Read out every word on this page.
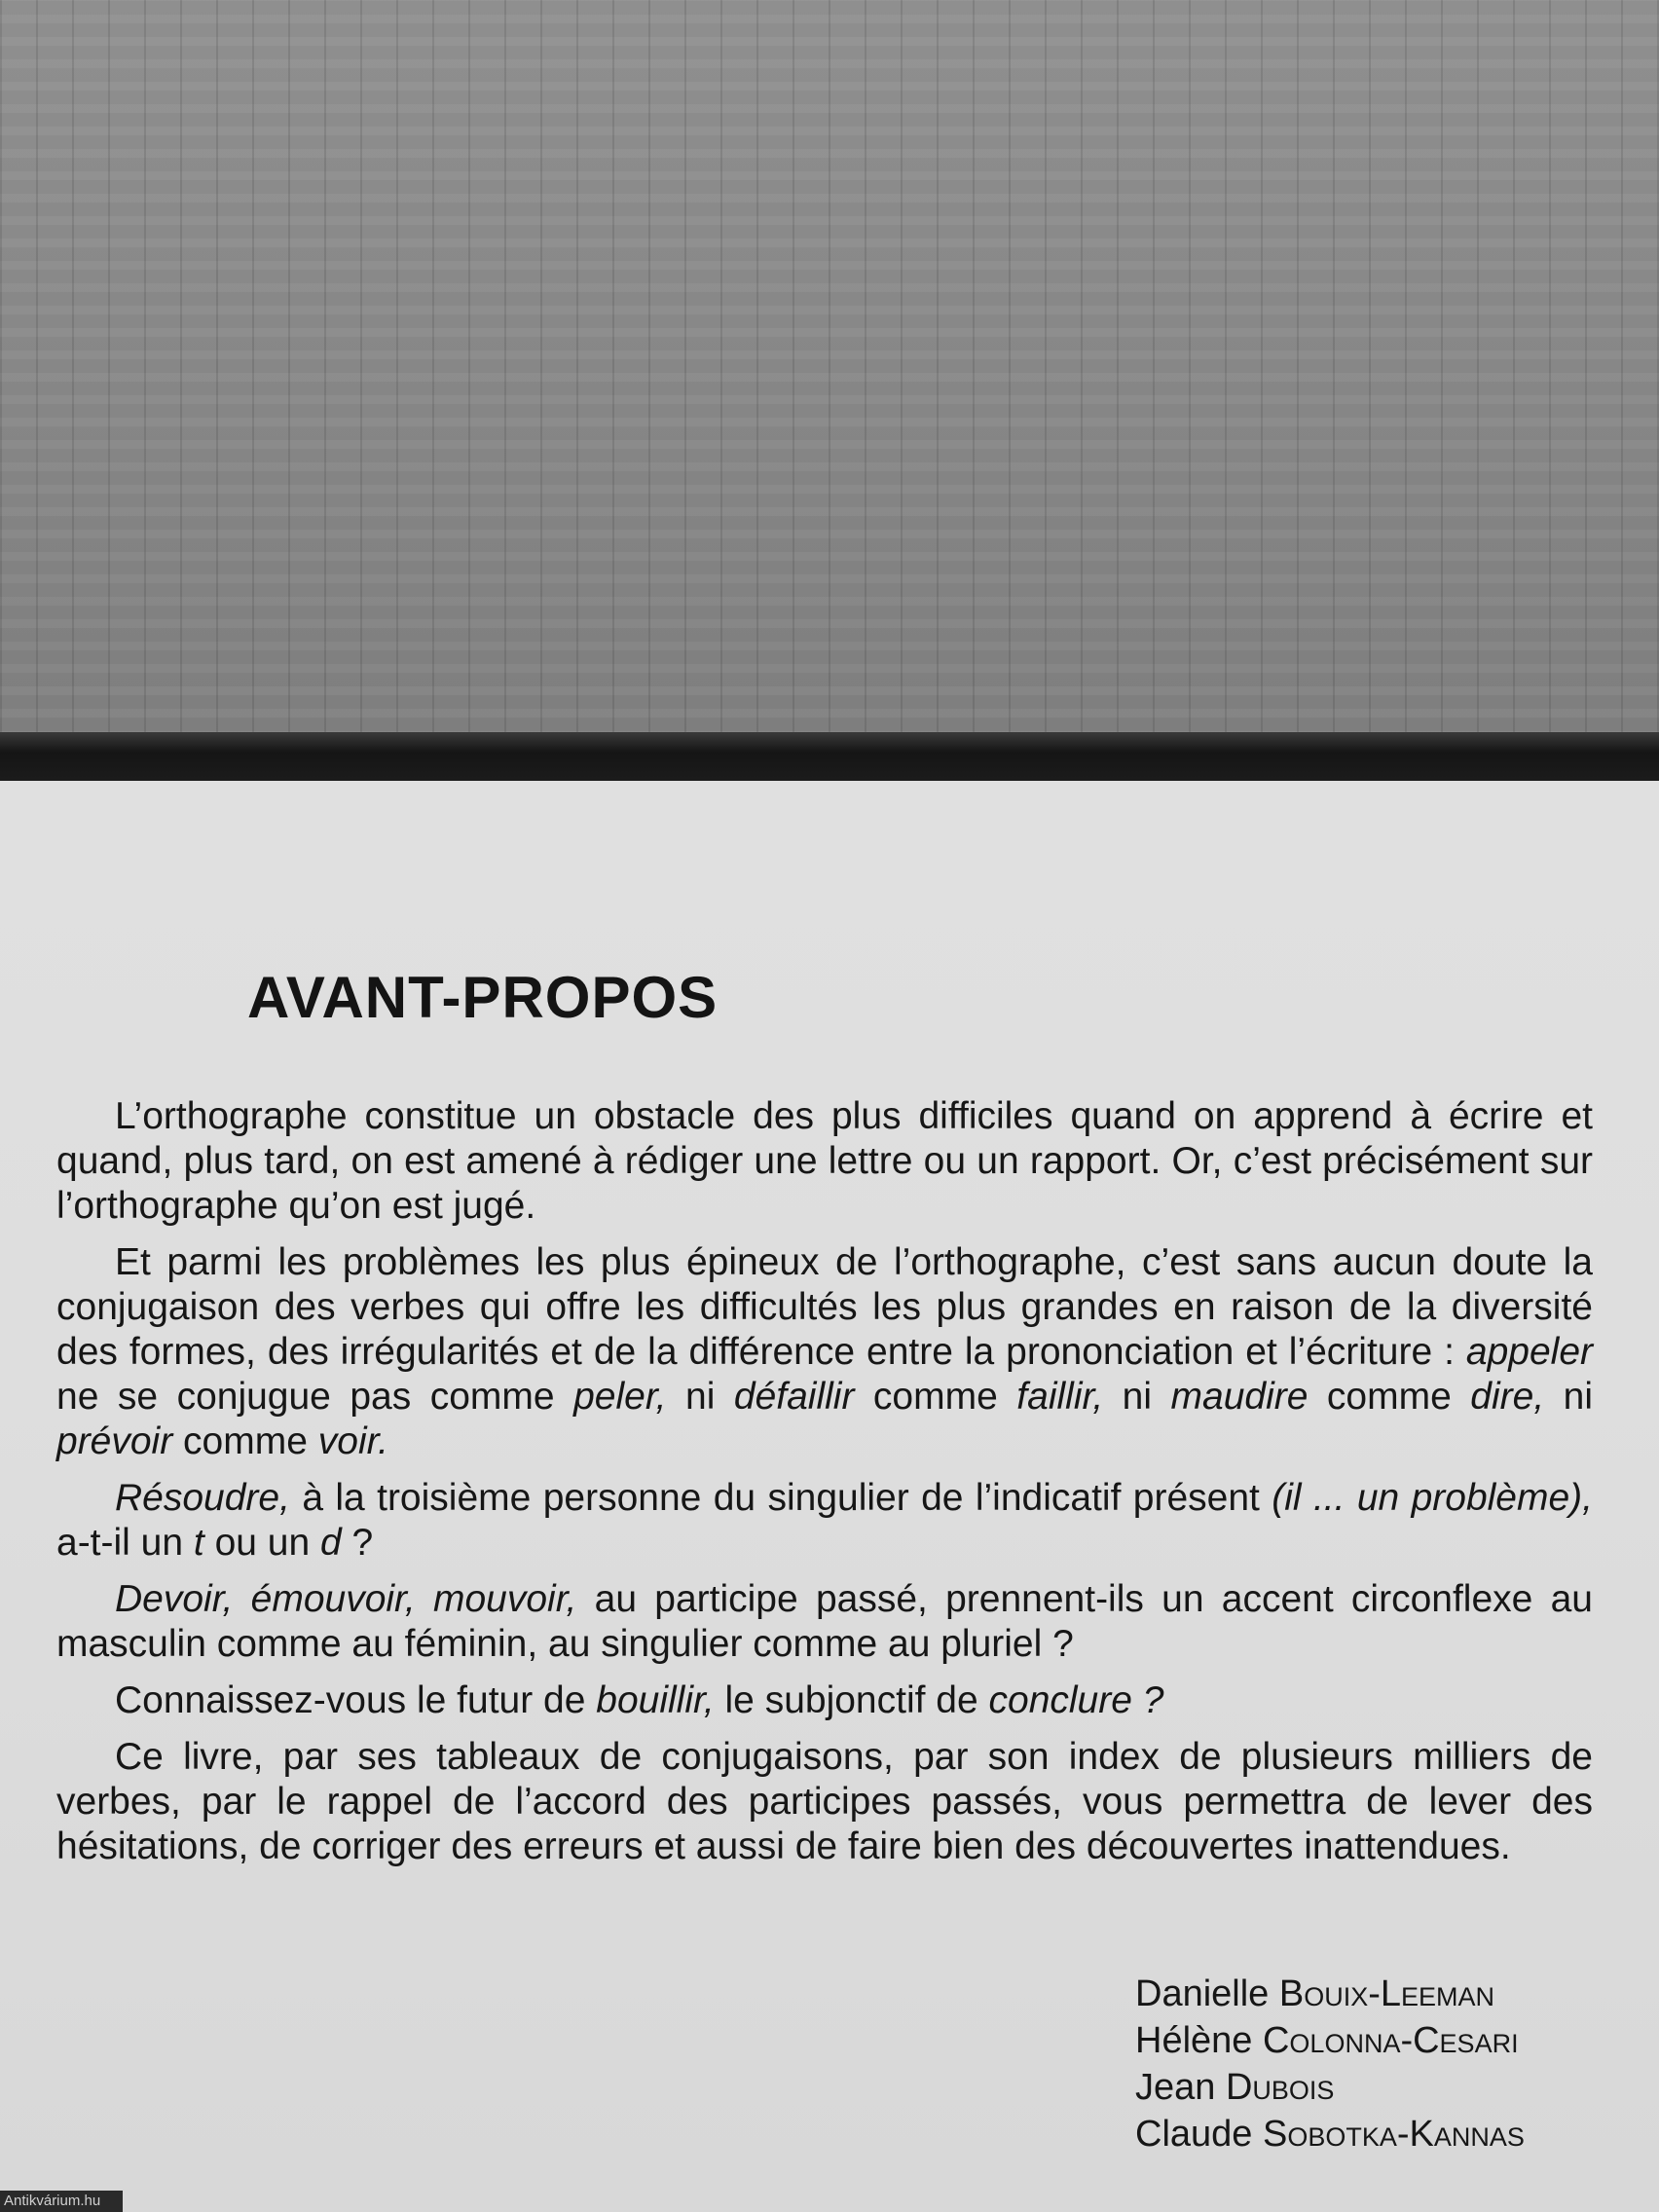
AVANT-PROPOS

L’orthographe constitue un obstacle des plus difficiles quand on apprend à écrire et quand, plus tard, on est amené à rédiger une lettre ou un rapport. Or, c’est précisément sur l’orthographe qu’on est jugé.

Et parmi les problèmes les plus épineux de l’orthographe, c’est sans aucun doute la conjugaison des verbes qui offre les difficultés les plus grandes en raison de la diversité des formes, des irrégularités et de la différence entre la prononciation et l’écriture : appeler ne se conjugue pas comme peler, ni défaillir comme faillir, ni maudire comme dire, ni prévoir comme voir.

Résoudre, à la troisième personne du singulier de l’indicatif présent (il ... un problème), a-t-il un t ou un d ?

Devoir, émouvoir, mouvoir, au participe passé, prennent-ils un accent circonflexe au masculin comme au féminin, au singulier comme au pluriel ?

Connaissez-vous le futur de bouillir, le subjonctif de conclure ?

Ce livre, par ses tableaux de conjugaisons, par son index de plusieurs milliers de verbes, par le rappel de l’accord des participes passés, vous permettra de lever des hésitations, de corriger des erreurs et aussi de faire bien des découvertes inattendues.

Danielle Bouix-Leeman
Hélène Colonna-Cesari
Jean Dubois
Claude Sobotka-Kannas
Antikvárium.hu
